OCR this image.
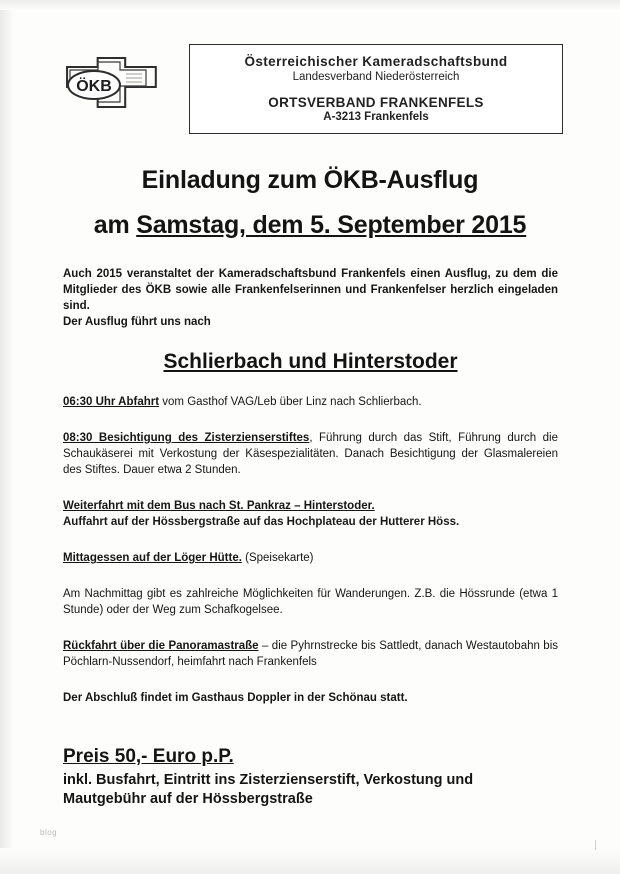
ÖKB
Österreichischer Kameradschaftsbund
Landesverband Niederösterreich
ORTSVERBAND FRANKENFELS
A-3213 Frankenfels
Einladung zum ÖKB-Ausflug
am Samstag, dem 5. September 2015

Auch 2015 veranstaltet der Kameradschaftsbund Frankenfels einen Ausflug, zu dem die Mitglieder des ÖKB sowie alle Frankenfelserinnen und Frankenfelser herzlich eingeladen sind.

Der Ausflug führt uns nach

Schlierbach und Hinterstoder

06:30 Uhr Abfahrt vom Gasthof VAG/Leb über Linz nach Schlierbach.

08:30 Besichtigung des Zisterzienserstiftes, Führung durch das Stift, Führung durch die Schaukäserei mit Verkostung der Käsespezialitäten. Danach Besichtigung der Glasmalereien des Stiftes. Dauer etwa 2 Stunden.

Weiterfahrt mit dem Bus nach St. Pankraz – Hinterstoder.

Auffahrt auf der Hössbergstraße auf das Hochplateau der Hutterer Höss.

Mittagessen auf der Löger Hütte. (Speisekarte)

Am Nachmittag gibt es zahlreiche Möglichkeiten für Wanderungen. Z.B. die Hössrunde (etwa 1 Stunde) oder der Weg zum Schafkogelsee.

Rückfahrt über die Panoramastraße – die Pyhrnstrecke bis Sattledt, danach Westautobahn bis Pöchlarn-Nussendorf, heimfahrt nach Frankenfels

Der Abschluß findet im Gasthaus Doppler in der Schönau statt.

Preis 50,- Euro p.P.
inkl. Busfahrt, Eintritt ins Zisterzienserstift, Verkostung und Mautgebühr auf der Hössbergstraße
blog
